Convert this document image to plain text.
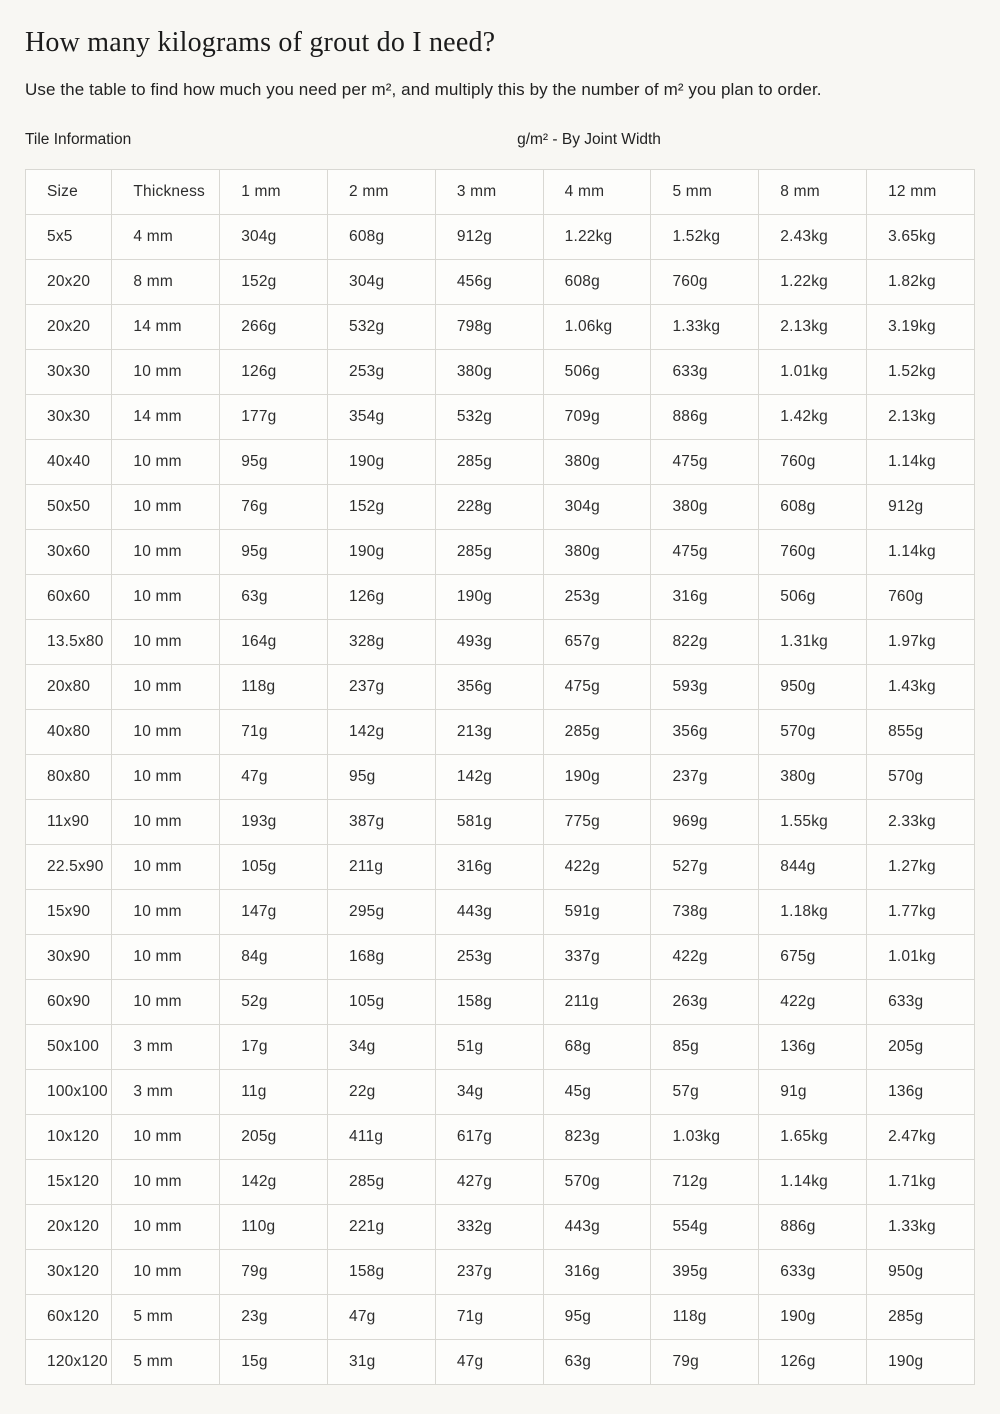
How many kilograms of grout do I need?

Use the table to find how much you need per m², and multiply this by the number of m² you plan to order.

Tile Information	g/m² - By Joint Width
Size	Thickness	1 mm	2 mm	3 mm	4 mm	5 mm	8 mm	12 mm
5x5	4 mm	304g	608g	912g	1.22kg	1.52kg	2.43kg	3.65kg
20x20	8 mm	152g	304g	456g	608g	760g	1.22kg	1.82kg
20x20	14 mm	266g	532g	798g	1.06kg	1.33kg	2.13kg	3.19kg
30x30	10 mm	126g	253g	380g	506g	633g	1.01kg	1.52kg
30x30	14 mm	177g	354g	532g	709g	886g	1.42kg	2.13kg
40x40	10 mm	95g	190g	285g	380g	475g	760g	1.14kg
50x50	10 mm	76g	152g	228g	304g	380g	608g	912g
30x60	10 mm	95g	190g	285g	380g	475g	760g	1.14kg
60x60	10 mm	63g	126g	190g	253g	316g	506g	760g
13.5x80	10 mm	164g	328g	493g	657g	822g	1.31kg	1.97kg
20x80	10 mm	118g	237g	356g	475g	593g	950g	1.43kg
40x80	10 mm	71g	142g	213g	285g	356g	570g	855g
80x80	10 mm	47g	95g	142g	190g	237g	380g	570g
11x90	10 mm	193g	387g	581g	775g	969g	1.55kg	2.33kg
22.5x90	10 mm	105g	211g	316g	422g	527g	844g	1.27kg
15x90	10 mm	147g	295g	443g	591g	738g	1.18kg	1.77kg
30x90	10 mm	84g	168g	253g	337g	422g	675g	1.01kg
60x90	10 mm	52g	105g	158g	211g	263g	422g	633g
50x100	3 mm	17g	34g	51g	68g	85g	136g	205g
100x100	3 mm	11g	22g	34g	45g	57g	91g	136g
10x120	10 mm	205g	411g	617g	823g	1.03kg	1.65kg	2.47kg
15x120	10 mm	142g	285g	427g	570g	712g	1.14kg	1.71kg
20x120	10 mm	110g	221g	332g	443g	554g	886g	1.33kg
30x120	10 mm	79g	158g	237g	316g	395g	633g	950g
60x120	5 mm	23g	47g	71g	95g	118g	190g	285g
120x120	5 mm	15g	31g	47g	63g	79g	126g	190g
